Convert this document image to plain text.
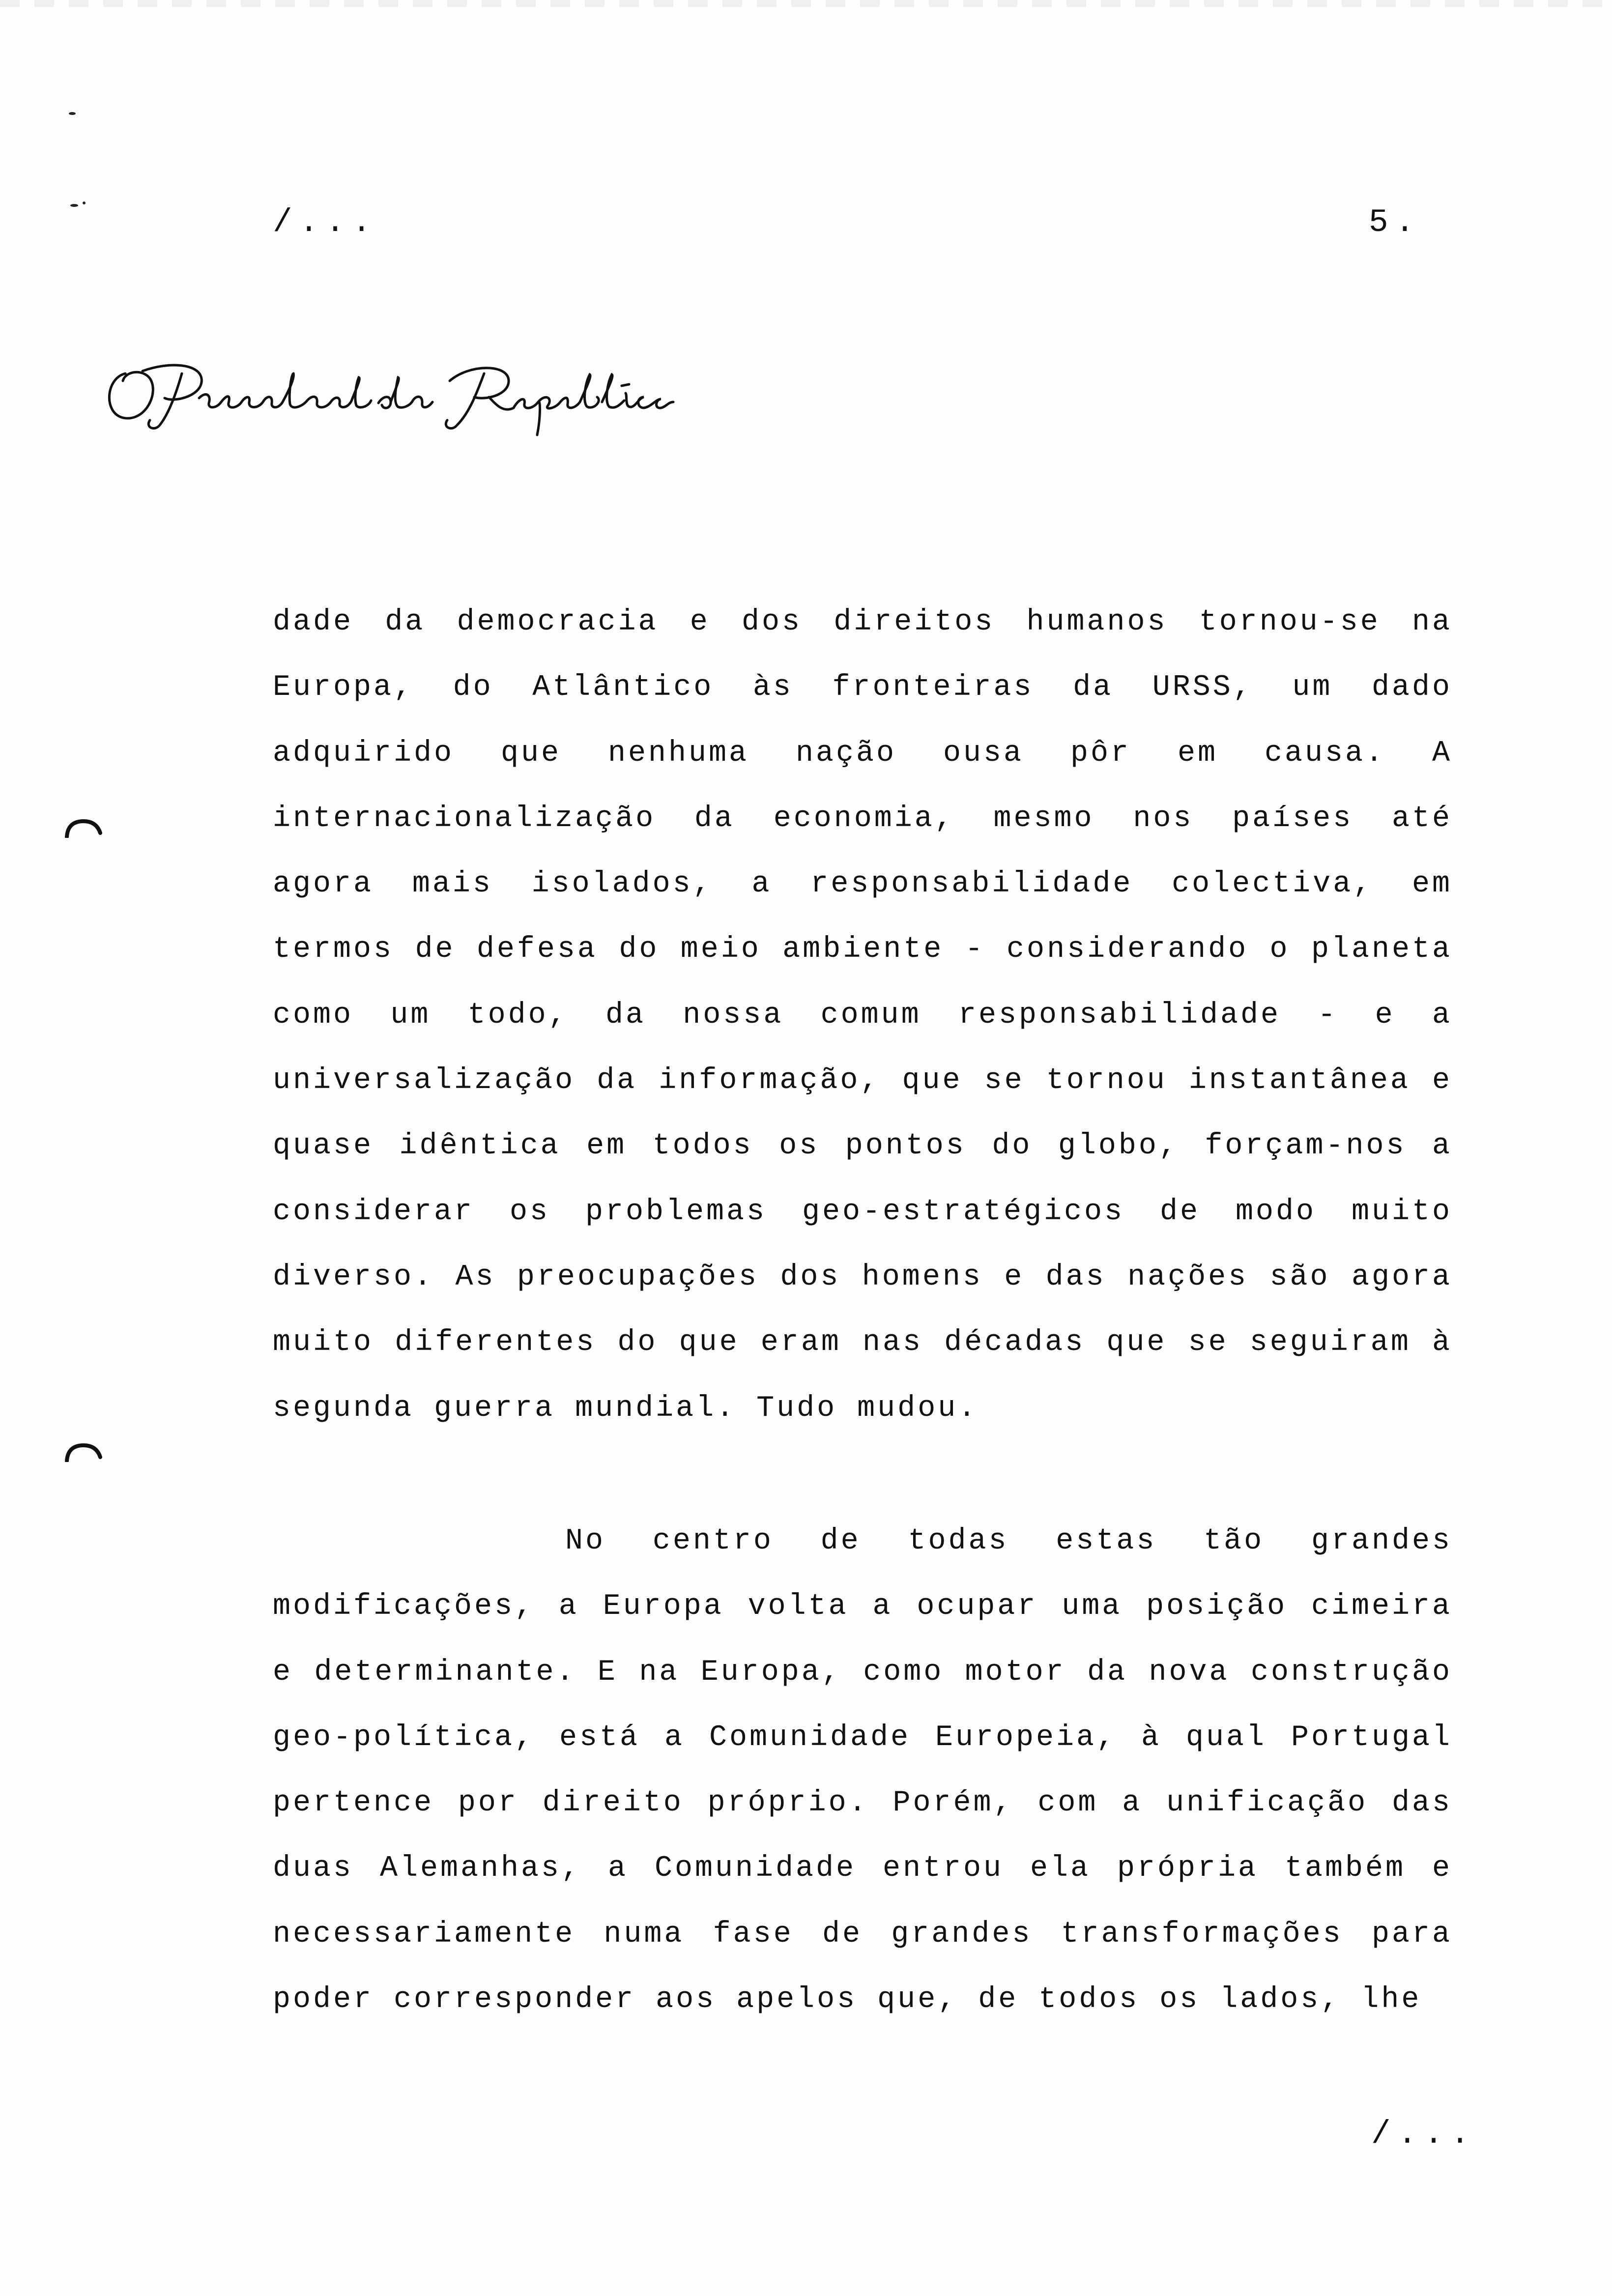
/...	5.

dade da democracia e dos direitos humanos tornou-se na Europa, do Atlântico às fronteiras da URSS, um dado adquirido que nenhuma nação ousa pôr em causa. A internacionalização da economia, mesmo nos países até agora mais isolados, a responsabilidade colectiva, em termos de defesa do meio ambiente - considerando o planeta como um todo, da nossa comum responsabilidade - e a universalização da informação, que se tornou instantânea e quase idêntica em todos os pontos do globo, forçam-nos a considerar os problemas geo-estratégicos de modo muito diverso. As preocupações dos homens e das nações são agora muito diferentes do que eram nas décadas que se seguiram à segunda guerra mundial. Tudo mudou.

No centro de todas estas tão grandes modificações, a Europa volta a ocupar uma posição cimeira e determinante. E na Europa, como motor da nova construção geo-política, está a Comunidade Europeia, à qual Portugal pertence por direito próprio. Porém, com a unificação das duas Alemanhas, a Comunidade entrou ela própria também e necessariamente numa fase de grandes transformações para poder corresponder aos apelos que, de todos os lados, lhe

/...
